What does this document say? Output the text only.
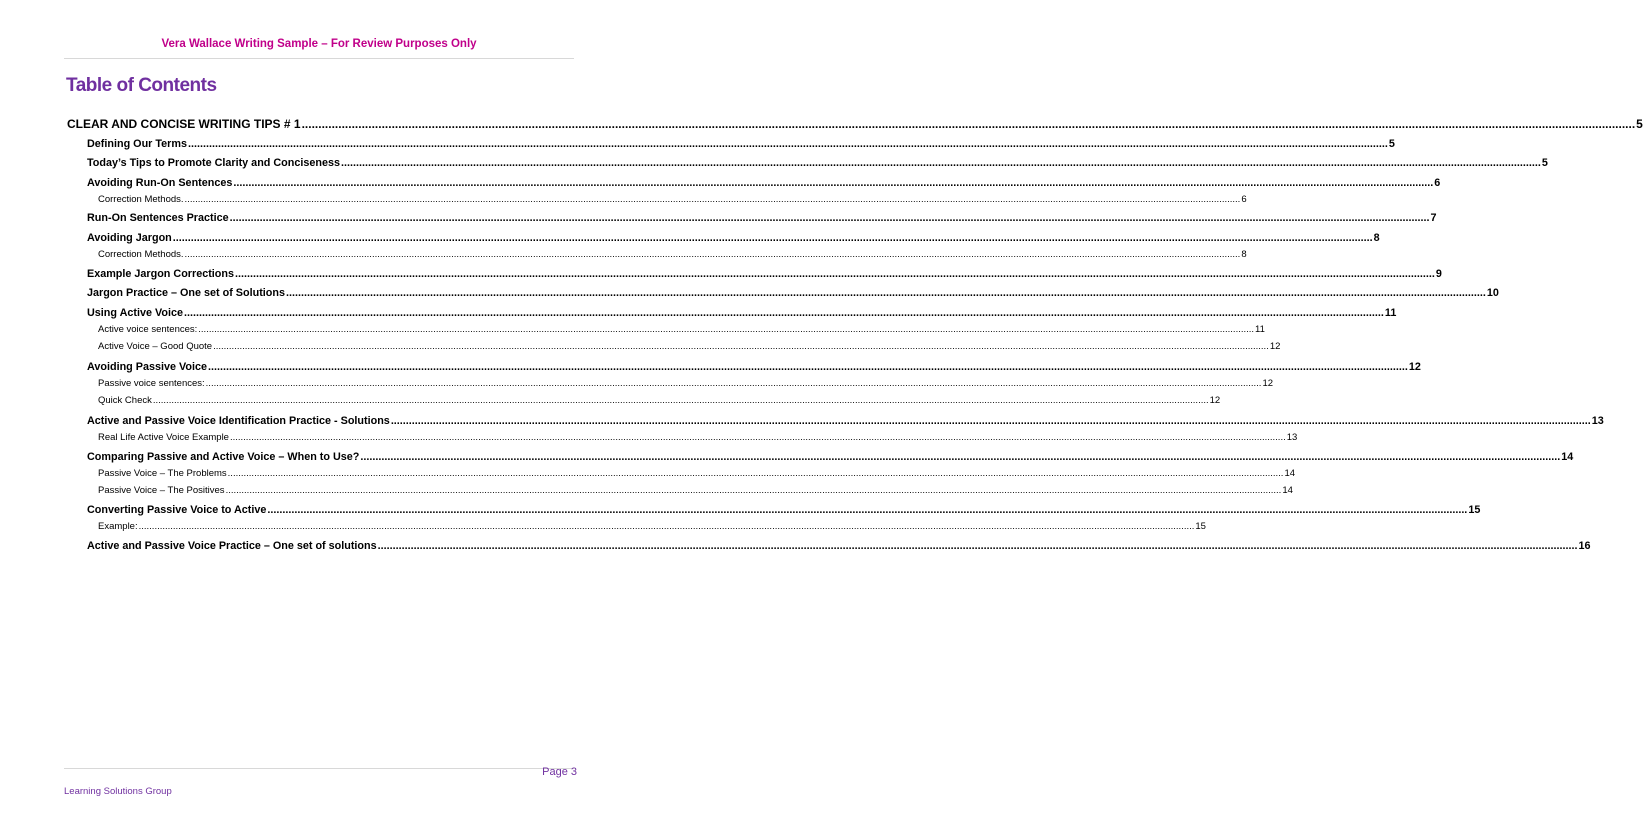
Vera Wallace Writing Sample – For Review Purposes Only
Table of Contents
CLEAR AND CONCISE WRITING TIPS # 1 ................................................................................................................................................................................................................................................................................................................................................................................................................ 5
Defining Our Terms ................................................................................................................................................................................................................................................................................................................................................................................................................ 5
Today’s Tips to Promote Clarity and Conciseness ................................................................................................................................................................................................................................................................................................................................................................................................................ 5
Avoiding Run-On Sentences ................................................................................................................................................................................................................................................................................................................................................................................................................ 6
Correction Methods. ................................................................................................................................................................................................................................................................................................................................................................................................................ 6
Run-On Sentences Practice ................................................................................................................................................................................................................................................................................................................................................................................................................ 7
Avoiding Jargon ................................................................................................................................................................................................................................................................................................................................................................................................................ 8
Correction Methods. ................................................................................................................................................................................................................................................................................................................................................................................................................ 8
Example Jargon Corrections ................................................................................................................................................................................................................................................................................................................................................................................................................ 9
Jargon Practice – One set of Solutions ................................................................................................................................................................................................................................................................................................................................................................................................................ 10
Using Active Voice ................................................................................................................................................................................................................................................................................................................................................................................................................ 11
Active voice sentences: ................................................................................................................................................................................................................................................................................................................................................................................................................ 11
Active Voice – Good Quote ................................................................................................................................................................................................................................................................................................................................................................................................................ 12
Avoiding Passive Voice ................................................................................................................................................................................................................................................................................................................................................................................................................ 12
Passive voice sentences: ................................................................................................................................................................................................................................................................................................................................................................................................................ 12
Quick Check ................................................................................................................................................................................................................................................................................................................................................................................................................ 12
Active and Passive Voice Identification Practice - Solutions ................................................................................................................................................................................................................................................................................................................................................................................................................ 13
Real Life Active Voice Example ................................................................................................................................................................................................................................................................................................................................................................................................................ 13
Comparing Passive and Active Voice – When to Use? ................................................................................................................................................................................................................................................................................................................................................................................................................ 14
Passive Voice – The Problems ................................................................................................................................................................................................................................................................................................................................................................................................................ 14
Passive Voice – The Positives ................................................................................................................................................................................................................................................................................................................................................................................................................ 14
Converting Passive Voice to Active ................................................................................................................................................................................................................................................................................................................................................................................................................ 15
Example: ................................................................................................................................................................................................................................................................................................................................................................................................................ 15
Active and Passive Voice Practice – One set of solutions ................................................................................................................................................................................................................................................................................................................................................................................................................ 16
Page 3
Learning Solutions Group
